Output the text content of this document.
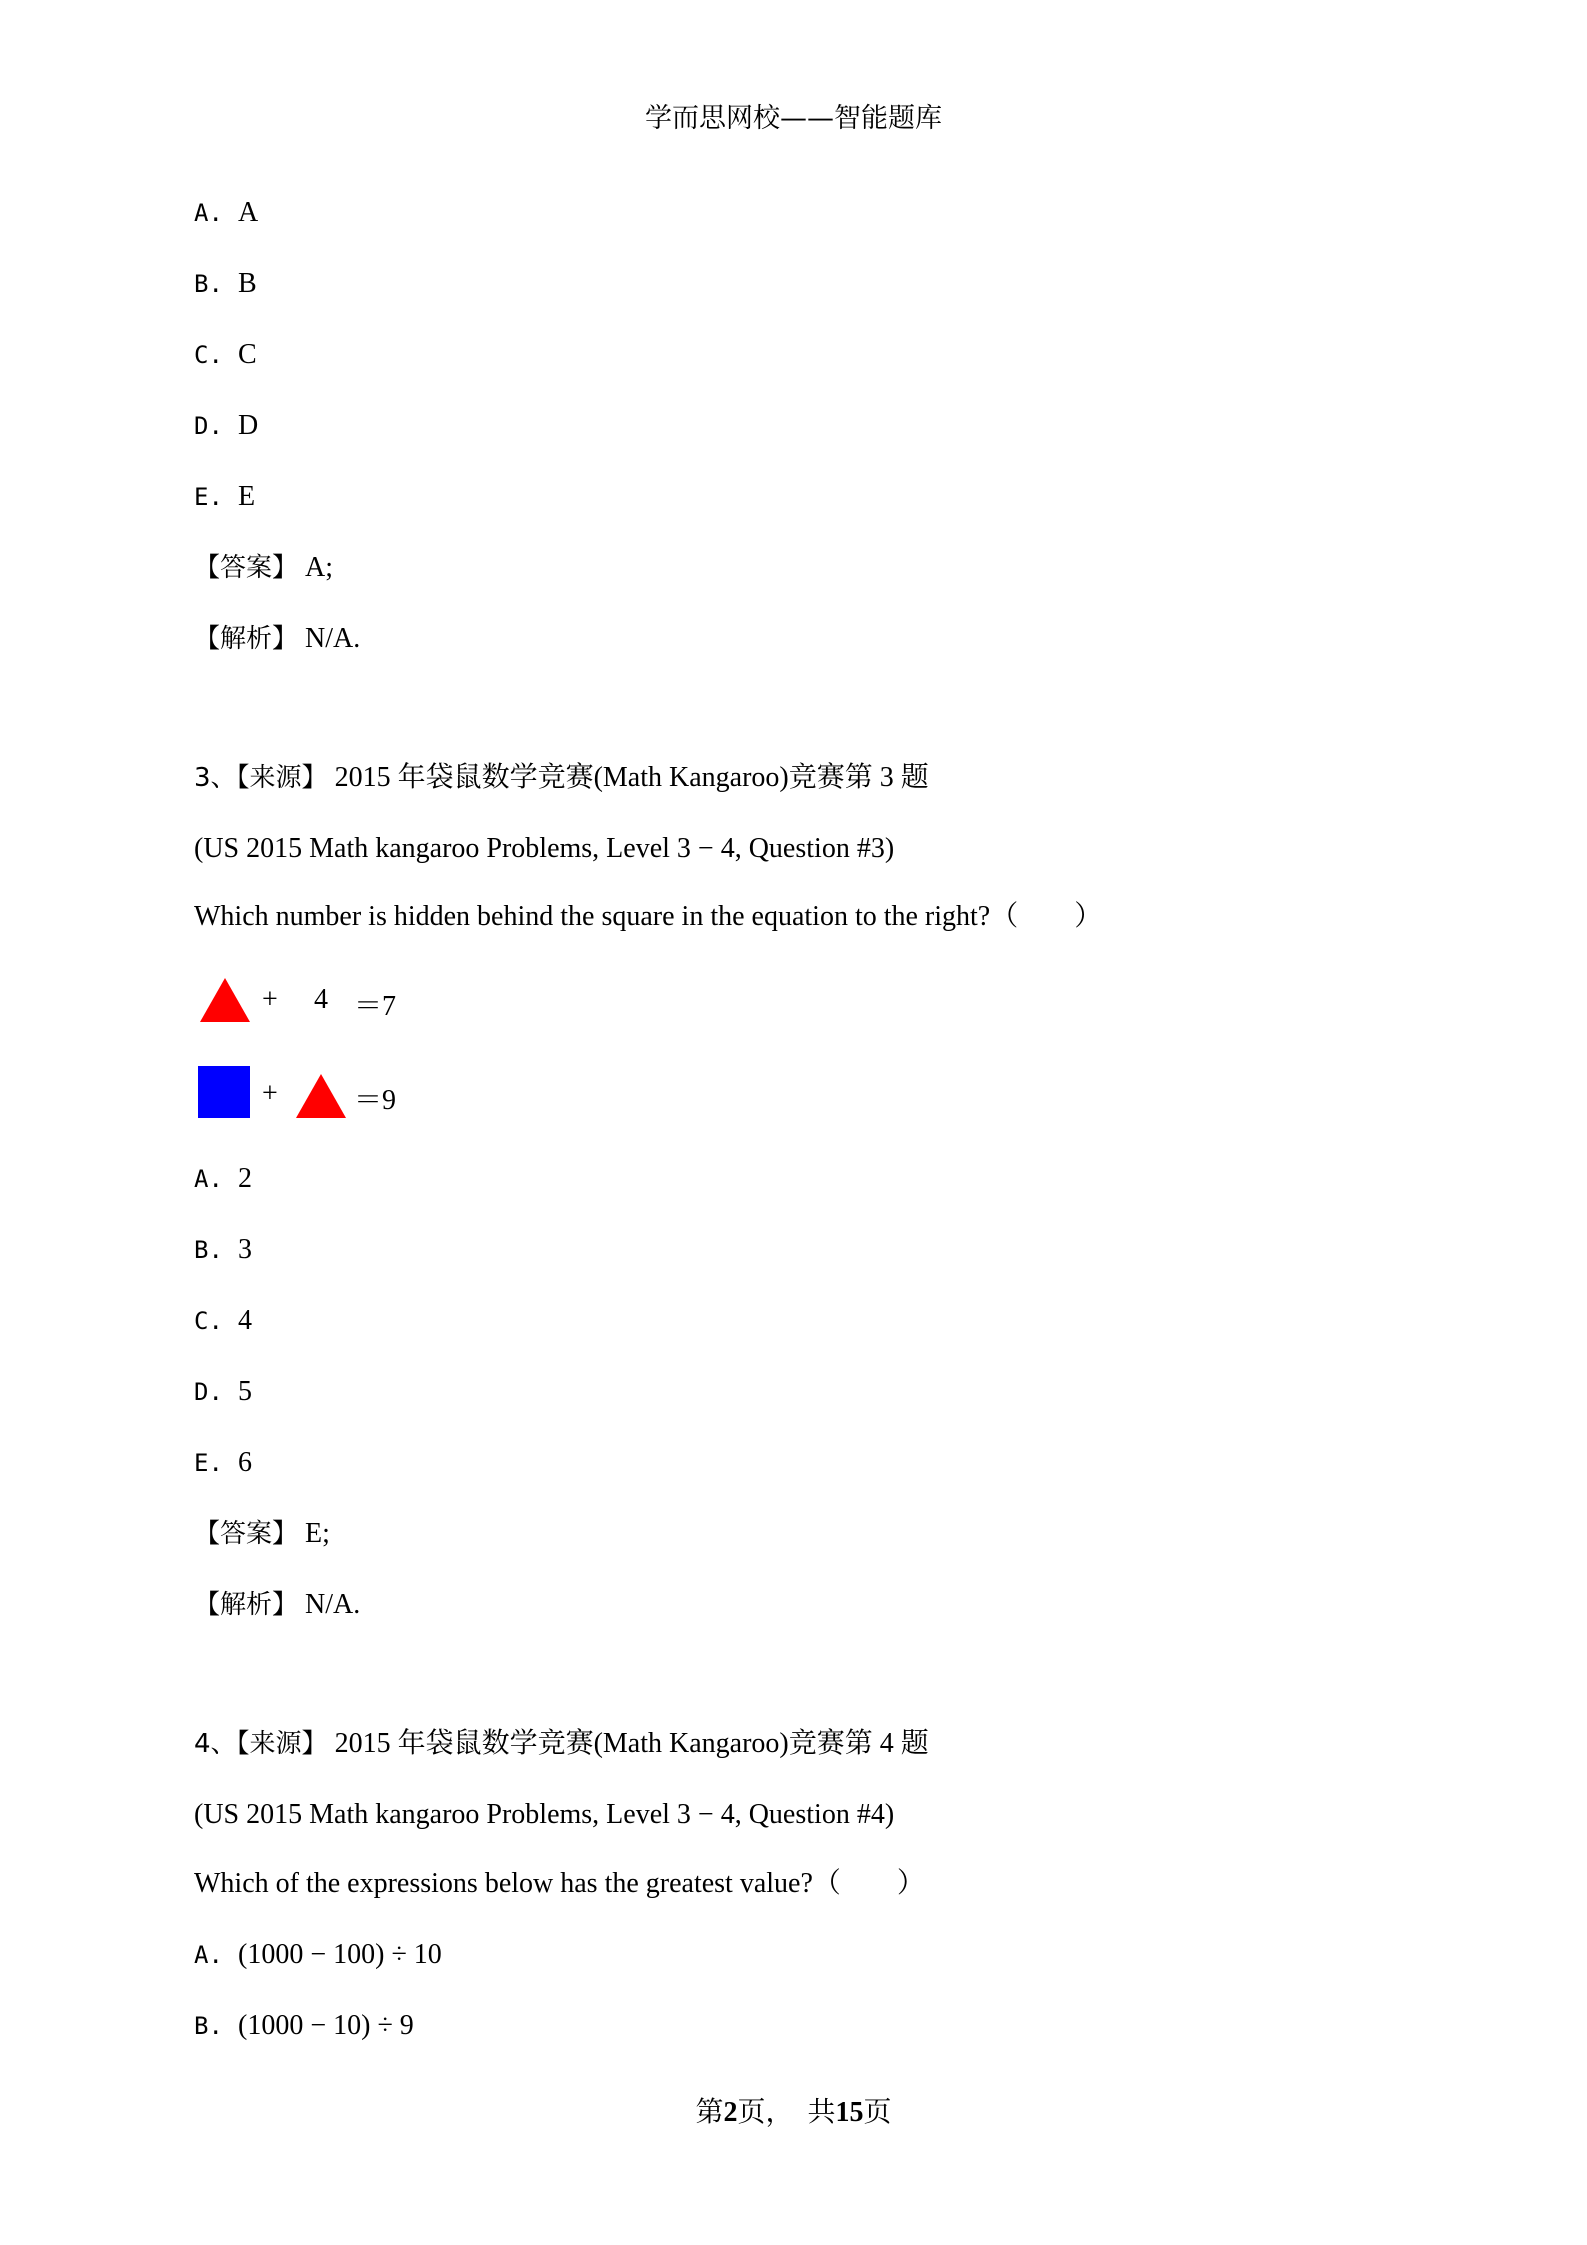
学而思网校——智能题库
A. A
B. B
C. C
D. D
E. E
【答案】 A;
【解析】 N/A.
3、【来源】 2015 年袋鼠数学竞赛(Math Kangaroo)竞赛第 3 题
(US 2015 Math kangaroo Problems, Level 3 − 4, Question #3)
Which number is hidden behind the square in the equation to the right?（　　）
+ 4 ＝7
+	＝9
A. 2
B. 3
C. 4
D. 5
E. 6
【答案】 E;
【解析】 N/A.
4、【来源】 2015 年袋鼠数学竞赛(Math Kangaroo)竞赛第 4 题
(US 2015 Math kangaroo Problems, Level 3 − 4, Question #4)
Which of the expressions below has the greatest value?（　　）
A. (1000 − 100) ÷ 10
B. (1000 − 10) ÷ 9
第2页，　共15页
